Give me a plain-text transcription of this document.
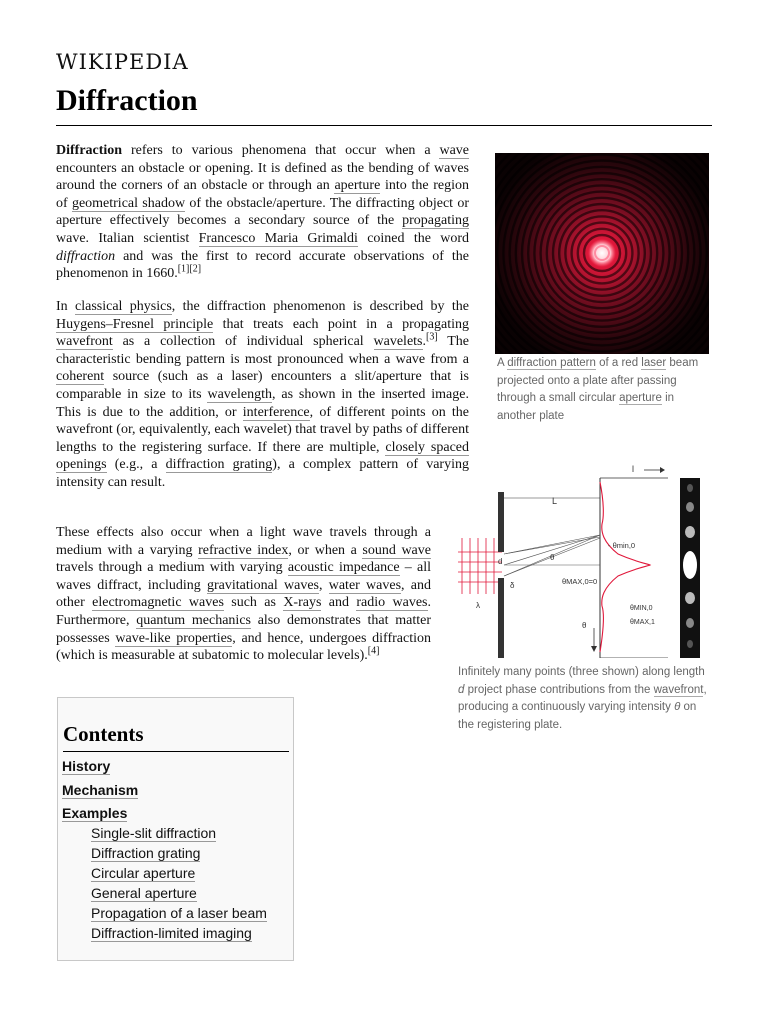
WIKIPEDIA
Diffraction

Diffraction refers to various phenomena that occur when a wave encounters an obstacle or opening. It is defined as the bending of waves around the corners of an obstacle or through an aperture into the region of geometrical shadow of the obstacle/aperture. The diffracting object or aperture effectively becomes a secondary source of the propagating wave. Italian scientist Francesco Maria Grimaldi coined the word diffraction and was the first to record accurate observations of the phenomenon in 1660.[1][2]

In classical physics, the diffraction phenomenon is described by the Huygens–Fresnel principle that treats each point in a propagating wavefront as a collection of individual spherical wavelets.[3] The characteristic bending pattern is most pronounced when a wave from a coherent source (such as a laser) encounters a slit/aperture that is comparable in size to its wavelength, as shown in the inserted image. This is due to the addition, or interference, of different points on the wavefront (or, equivalently, each wavelet) that travel by paths of different lengths to the registering surface. If there are multiple, closely spaced openings (e.g., a diffraction grating), a complex pattern of varying intensity can result.

These effects also occur when a light wave travels through a medium with a varying refractive index, or when a sound wave travels through a medium with varying acoustic impedance – all waves diffract, including gravitational waves, water waves, and other electromagnetic waves such as X-rays and radio waves. Furthermore, quantum mechanics also demonstrates that matter possesses wave-like properties, and hence, undergoes diffraction (which is measurable at subatomic to molecular levels).[4]

A diffraction pattern of a red laser beam projected onto a plate after passing through a small circular aperture in another plate

l
L
d	θ
δ
λ
- θmin,0
θMAX,0=0
θMIN,0
θMAX,1
θ

Infinitely many points (three shown) along length d project phase contributions from the wavefront, producing a continuously varying intensity θ on the registering plate.

Contents
History
Mechanism
Examples
Single-slit diffraction
Diffraction grating
Circular aperture
General aperture
Propagation of a laser beam
Diffraction-limited imaging
